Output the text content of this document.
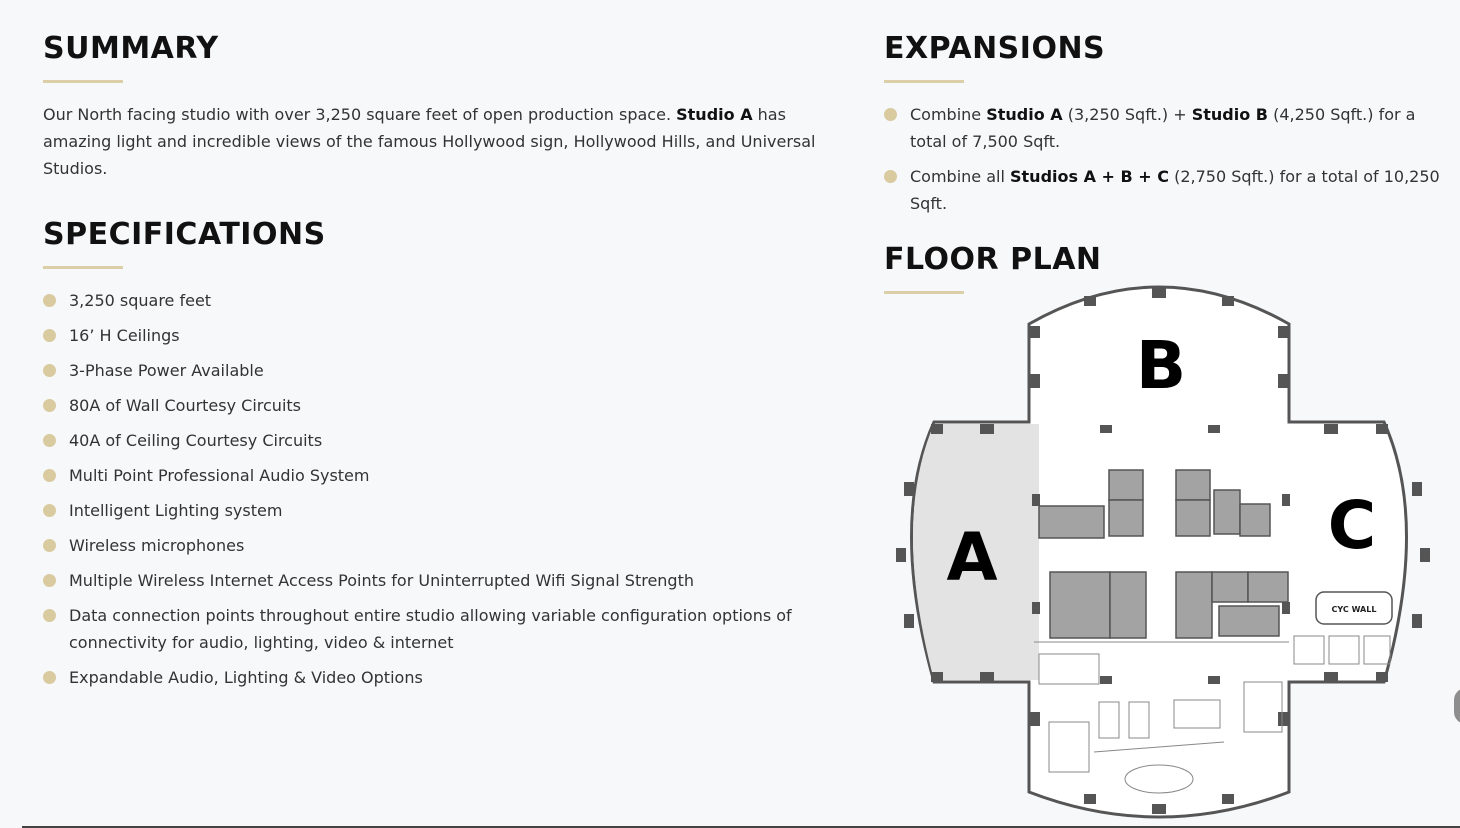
SUMMARY

Our North facing studio with over 3,250 square feet of open production space. Studio A has amazing light and incredible views of the famous Hollywood sign, Hollywood Hills, and Universal Studios.

SPECIFICATIONS
3,250 square feet
16’ H Ceilings
3-Phase Power Available
80A of Wall Courtesy Circuits
40A of Ceiling Courtesy Circuits
Multi Point Professional Audio System
Intelligent Lighting system
Wireless microphones
Multiple Wireless Internet Access Points for Uninterrupted Wifi Signal Strength
Data connection points throughout entire studio allowing variable configuration options of connectivity for audio, lighting, video & internet
Expandable Audio, Lighting & Video Options
EXPANSIONS
Combine Studio A (3,250 Sqft.) + Studio B (4,250 Sqft.) for a total of 7,500 Sqft.
Combine all Studios A + B + C (2,750 Sqft.) for a total of 10,250 Sqft.
FLOOR PLAN
CYC WALL
A
B
C
